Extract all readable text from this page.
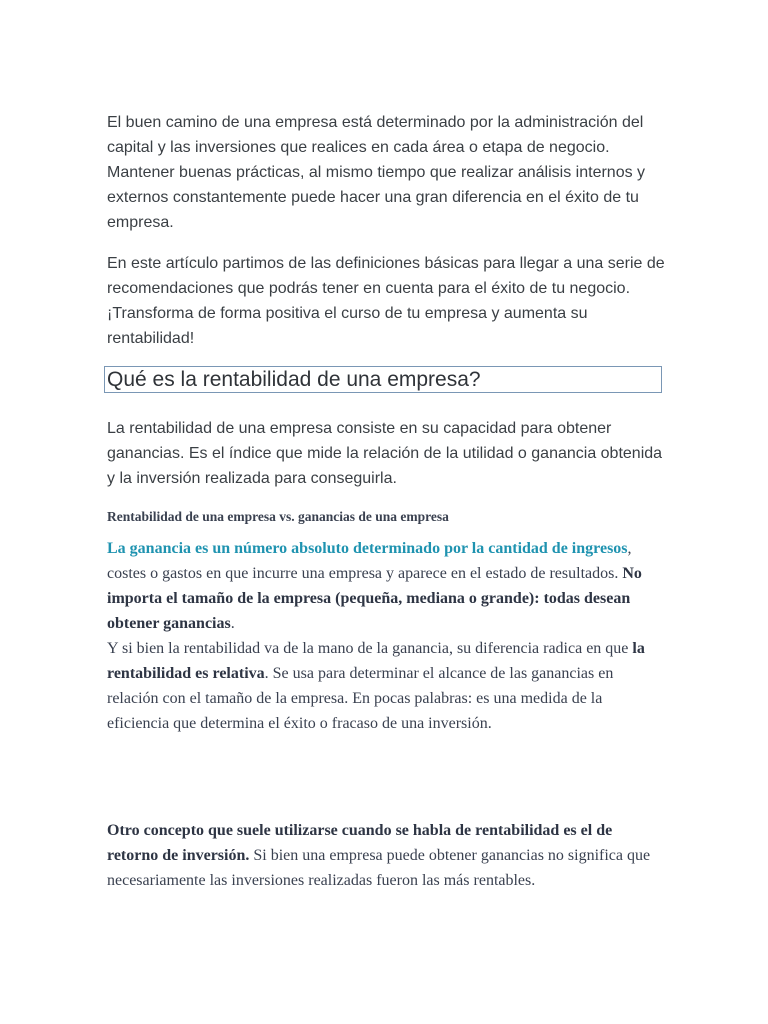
El buen camino de una empresa está determinado por la administración del capital y las inversiones que realices en cada área o etapa de negocio. Mantener buenas prácticas, al mismo tiempo que realizar análisis internos y externos constantemente puede hacer una gran diferencia en el éxito de tu empresa.

En este artículo partimos de las definiciones básicas para llegar a una serie de recomendaciones que podrás tener en cuenta para el éxito de tu negocio. ¡Transforma de forma positiva el curso de tu empresa y aumenta su rentabilidad!

Qué es la rentabilidad de una empresa?

La rentabilidad de una empresa consiste en su capacidad para obtener ganancias. Es el índice que mide la relación de la utilidad o ganancia obtenida y la inversión realizada para conseguirla.

Rentabilidad de una empresa vs. ganancias de una empresa

La ganancia es un número absoluto determinado por la cantidad de ingresos, costes o gastos en que incurre una empresa y aparece en el estado de resultados. No importa el tamaño de la empresa (pequeña, mediana o grande): todas desean obtener ganancias.
Y si bien la rentabilidad va de la mano de la ganancia, su diferencia radica en que la rentabilidad es relativa. Se usa para determinar el alcance de las ganancias en relación con el tamaño de la empresa. En pocas palabras: es una medida de la eficiencia que determina el éxito o fracaso de una inversión.

Otro concepto que suele utilizarse cuando se habla de rentabilidad es el de retorno de inversión. Si bien una empresa puede obtener ganancias no significa que necesariamente las inversiones realizadas fueron las más rentables.
